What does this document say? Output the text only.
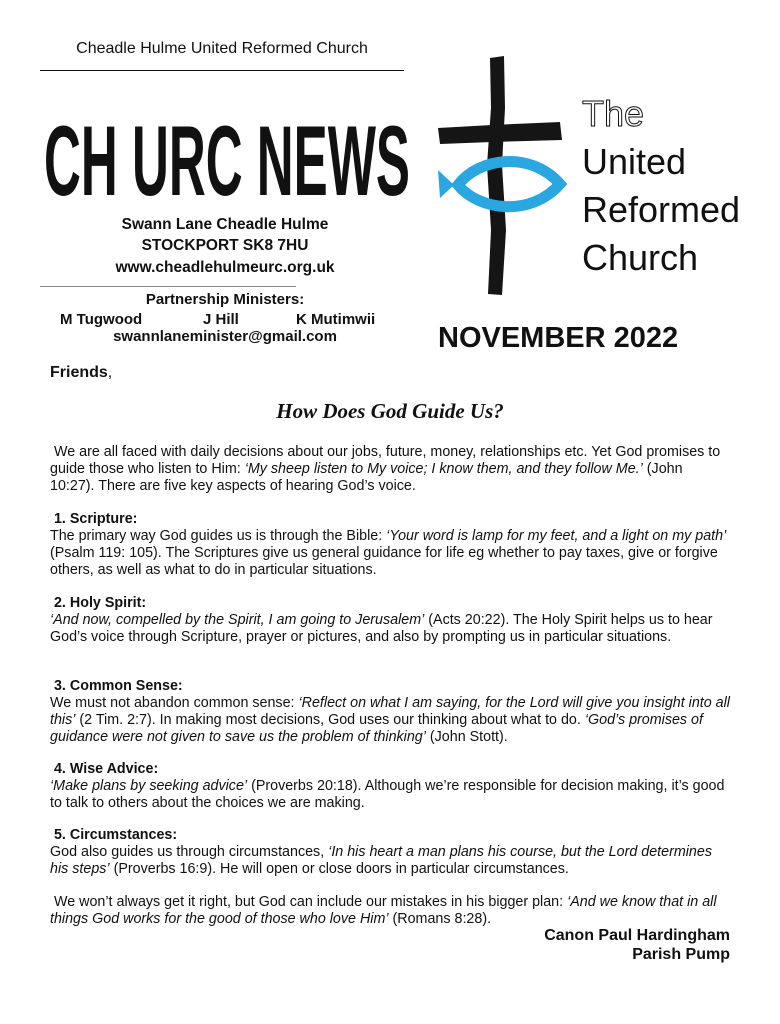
Cheadle Hulme United Reformed Church
CH URC NEWS
Swann Lane Cheadle Hulme
STOCKPORT SK8 7HU
www.cheadlehulmeurc.org.uk
Partnership Ministers:
M Tugwood	J Hill	K Mutimwii
swannlaneminister@gmail.com
The
United
Reformed
Church
NOVEMBER 2022
Friends,
How Does God Guide Us?

We are all faced with daily decisions about our jobs, future, money, relationships etc. Yet God promises to guide those who listen to Him: ‘My sheep listen to My voice; I know them, and they follow Me.’ (John 10:27). There are five key aspects of hearing God’s voice.

1. Scripture:

The primary way God guides us is through the Bible: ‘Your word is lamp for my feet, and a light on my path’ (Psalm 119: 105). The Scriptures give us general guidance for life eg whether to pay taxes, give or forgive others, as well as what to do in particular situations.

2. Holy Spirit:

‘And now, compelled by the Spirit, I am going to Jerusalem’ (Acts 20:22). The Holy Spirit helps us to hear God’s voice through Scripture, prayer or pictures, and also by prompting us in particular situations.

3. Common Sense:

We must not abandon common sense: ‘Reflect on what I am saying, for the Lord will give you insight into all this’ (2 Tim. 2:7). In making most decisions, God uses our thinking about what to do. ‘God’s promises of guidance were not given to save us the problem of thinking’ (John Stott).

4. Wise Advice:

‘Make plans by seeking advice’ (Proverbs 20:18). Although we’re responsible for decision making, it’s good to talk to others about the choices we are making.

5. Circumstances:

God also guides us through circumstances, ‘In his heart a man plans his course, but the Lord determines his steps’ (Proverbs 16:9). He will open or close doors in particular circumstances.

We won’t always get it right, but God can include our mistakes in his bigger plan: ‘And we know that in all things God works for the good of those who love Him’ (Romans 8:28).

Canon Paul Hardingham
Parish Pump
